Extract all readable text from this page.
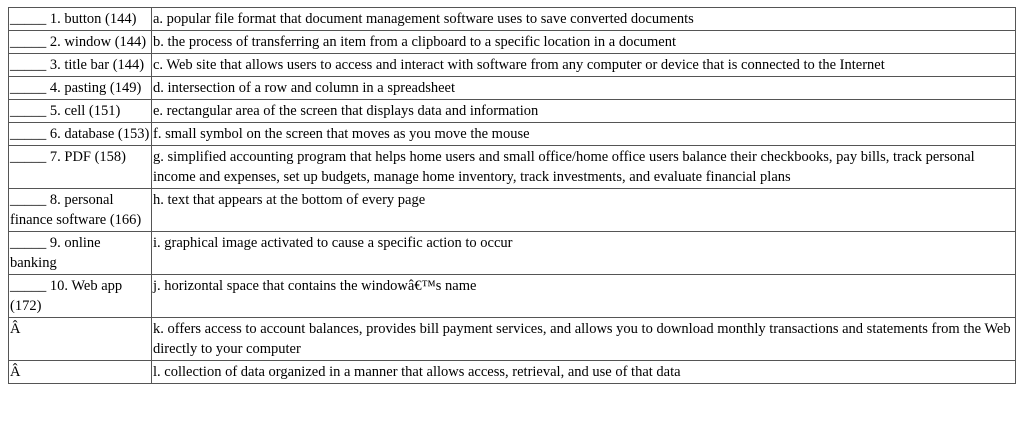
_____ 1. button (144)	a. popular file format that document management software uses to save converted documents
_____ 2. window (144)	b. the process of transferring an item from a clipboard to a specific location in a document
_____ 3. title bar (144)	c. Web site that allows users to access and interact with software from any computer or device that is connected to the Internet
_____ 4. pasting (149)	d. intersection of a row and column in a spreadsheet
_____ 5. cell (151)	e. rectangular area of the screen that displays data and information
_____ 6. database (153)	f. small symbol on the screen that moves as you move the mouse
_____ 7. PDF (158)	g. simplified accounting program that helps home users and small office/home office users balance their checkbooks, pay bills, track personal income and expenses, set up budgets, manage home inventory, track investments, and evaluate financial plans
_____ 8. personal finance software (166)	h. text that appears at the bottom of every page
_____ 9. online banking	i. graphical image activated to cause a specific action to occur
_____ 10. Web app (172)	j. horizontal space that contains the windowâ€™s name
Â	k. offers access to account balances, provides bill payment services, and allows you to download monthly transactions and statements from the Web directly to your computer
Â	l. collection of data organized in a manner that allows access, retrieval, and use of that data
